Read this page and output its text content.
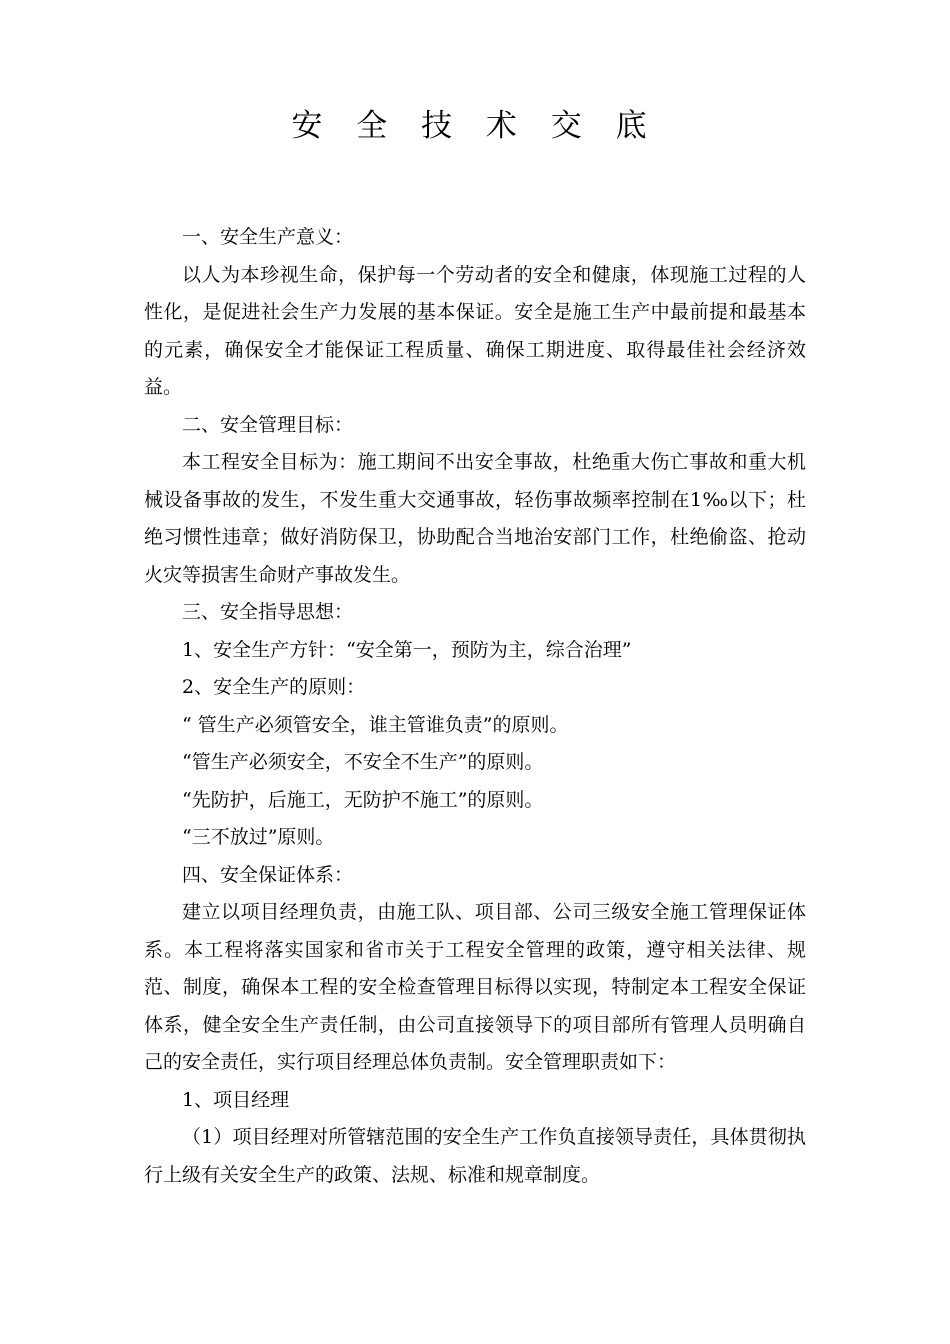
安 全 技 术 交 底

一、安全生产意义：

以人为本珍视生命，保护每一个劳动者的安全和健康，体现施工过程的人性化，是促进社会生产力发展的基本保证。安全是施工生产中最前提和最基本的元素，确保安全才能保证工程质量、确保工期进度、取得最佳社会经济效益。

二、安全管理目标：

本工程安全目标为：施工期间不出安全事故，杜绝重大伤亡事故和重大机械设备事故的发生，不发生重大交通事故，轻伤事故频率控制在1‰以下；杜绝习惯性违章；做好消防保卫，协助配合当地治安部门工作，杜绝偷盗、抢动火灾等损害生命财产事故发生。

三、安全指导思想：

1、安全生产方针：“安全第一，预防为主，综合治理”

2、安全生产的原则：

“ 管生产必须管安全，谁主管谁负责”的原则。

“管生产必须安全，不安全不生产”的原则。

“先防护，后施工，无防护不施工”的原则。

“三不放过”原则。

四、安全保证体系：

建立以项目经理负责，由施工队、项目部、公司三级安全施工管理保证体系。本工程将落实国家和省市关于工程安全管理的政策，遵守相关法律、规范、制度，确保本工程的安全检查管理目标得以实现，特制定本工程安全保证体系，健全安全生产责任制，由公司直接领导下的项目部所有管理人员明确自己的安全责任，实行项目经理总体负责制。安全管理职责如下：

1、项目经理

（1）项目经理对所管辖范围的安全生产工作负直接领导责任，具体贯彻执行上级有关安全生产的政策、法规、标准和规章制度。
